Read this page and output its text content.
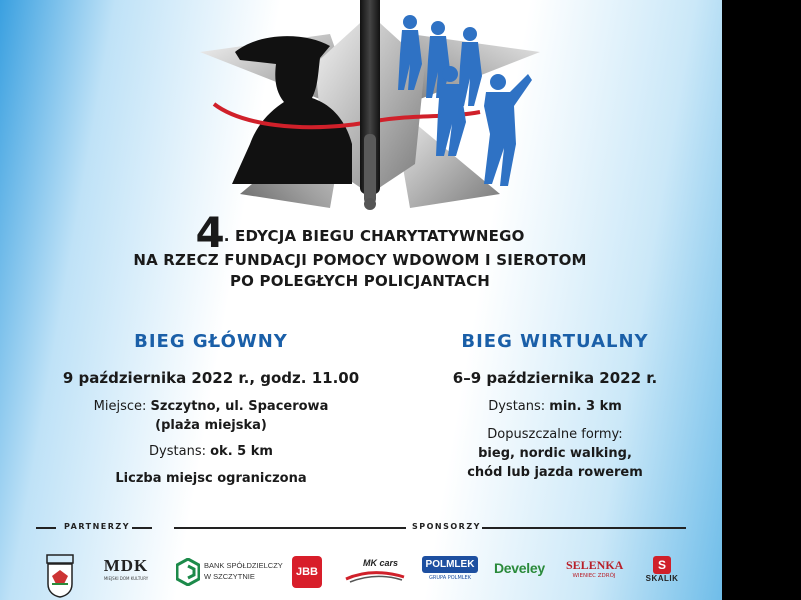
4. EDYCJA BIEGU CHARYTATYWNEGO
NA RZECZ FUNDACJI POMOCY WDOWOM I SIEROTOM
PO POLEGŁYCH POLICJANTACH
BIEG GŁÓWNY
9 października 2022 r., godz. 11.00
Miejsce: Szczytno, ul. Spacerowa
(plaża miejska)
Dystans: ok. 5 km
Liczba miejsc ograniczona
BIEG WIRTUALNY
6–9 października 2022 r.
Dystans: min. 3 km
Dopuszczalne formy:
bieg, nordic walking,
chód lub jazda rowerem
PARTNERZY	SPONSORZY
MDK
MIEJSKI DOM KULTURY
BANK SPÓŁDZIELCZY
W SZCZYTNIE	JBB
MK cars	POLMLEK
GRUPA POLMLEK
Develey	SELENKA
WIENIEC ZDRÓJ
S
SKALIK
